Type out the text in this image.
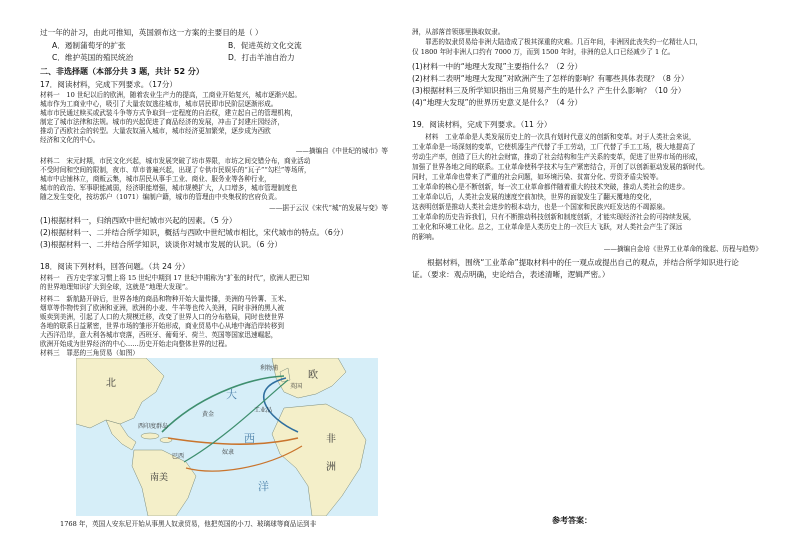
过一年的計习，由此可推知，英国颁布这一方案的主要目的是（ ）
A．遏制蒲萄牙的扩张	B．促进英纺文化交流
C．维护英国的殖民统治	D．打击羊油自治力
二、非选择题（本部分共 3 题，共计 52 分）
17．阅读材料，完成下列要求。（17分）
材料一　10 世纪以后的欧洲，随着农业生产力的提高，工商业开始复兴，城市逐渐兴起。
城市作为工商业中心，吸引了大量农奴逃往城市，城市居民即市民阶层逐渐形成。
城市市民通过赎买或武装斗争等方式争取到一定程度的自治权，建立起自己的管理机构，
制定了城市法律和法规。城市的兴起促进了商品经济的发展，冲击了封建庄园经济，
推动了西欧社会的转型。大量农奴涌入城市，城市经济更加繁荣，逐步成为西欧
经济和文化的中心。
——摘编自《中世纪的城市》等
材料二　宋元时期，市民文化兴起，城市发展突破了坊市界限，市坊之间交错分布，商业活动
不受时间和空间的限制，夜市、草市普遍兴起，出现了专供市民娱乐的“瓦子”“勾栏”等场所，
城市中店铺林立，商贩云集，城市居民从事手工业、商业、服务业等各种行业，
城市的政治、军事职能减弱，经济职能增强，城市规模扩大，人口增多，城市管理制度也
随之发生变化，按坊郭户（1071）编制户籍，城市的管理由中央集权的官府负责。
——据于云汉《宋代“城”的发展与变》等
(1)根据材料一，归纳西欧中世纪城市兴起的因素。（5 分）
(2)根据材料一、二并结合所学知识，概括与西欧中世纪城市相比，宋代城市的特点。（6分）
(3)根据材料一、二并结合所学知识，谈谈你对城市发展的认识。（6 分）
18．阅读下列材料，回答问题。（共 24 分）
材料一　西方史学家习惯上将 15 世纪中期到 17 世纪中期称为“扩张的时代”，欧洲人把已知
的世界地理知识扩大到全球，这就是“地理大发现”。
材料二　新航路开辟后，世界各地的商品和物种开始大量传播，美洲的马铃薯、玉米、
烟草等作物传到了欧洲和亚洲，欧洲的小麦、牛羊等也传入美洲，同时非洲的黑人被
贩卖到美洲，引起了人口的大规模迁移，改变了世界人口的分布格局，同时也使世界
各地的联系日益紧密，世界市场的雏形开始形成，商业贸易中心从地中海沿岸转移到
大西洋沿岸，意大利各城市衰落，西班牙、葡萄牙、荷兰、英国等国家迅速崛起，
欧洲开始成为世界经济的中心……历史开始走向整体世界的过程。
材料三　罪恶的三角贸易（如图）
1768 年，英国人安东尼开始从事黑人奴隶贸易，他把英国的小刀、玻璃球等商品运到非
北
欧
非
洲
南美
大
西
洋
英国
利物浦
西印度群岛
奴隶
工业品
巴西
黄金
洲，从部落首领那里换取奴隶。
　　罪恶的奴隶贸易给非洲大陆造成了极其深重的灾难。几百年间，非洲因此丧失约一亿精壮人口，
仅 1800 年时非洲人口约有 7000 万，而到 1500 年时，非洲的总人口已经减少了 1 亿。
(1)材料一中的“地理大发现”主要指什么？（2 分）
(2)材料二表明“地理大发现”对欧洲产生了怎样的影响？有哪些具体表现？（8 分）
(3)根据材料三及所学知识指出三角贸易产生的是什么？产生什么影响？（10 分）
(4)“地理大发现”的世界历史意义是什么？（4 分）
19．阅读材料，完成下列要求。（11 分）
　　材料　工业革命是人类发展历史上的一次具有划时代意义的创新和变革。对于人类社会来说，
工业革命是一场深刻的变革，它使机器生产代替了手工劳动，工厂代替了手工工场，极大地提高了
劳动生产率，创造了巨大的社会财富，推动了社会结构和生产关系的变革，促进了世界市场的形成，
加强了世界各地之间的联系。工业革命使科学技术与生产紧密结合，开创了以创新驱动发展的新时代。
同时，工业革命也带来了严重的社会问题，如环境污染、贫富分化、劳资矛盾尖锐等。
工业革命的核心是不断创新，每一次工业革命都伴随着重大的技术突破，推动人类社会的进步。
工业革命以后，人类社会发展的速度空前加快，世界的面貌发生了翻天覆地的变化，
这表明创新是推动人类社会进步的根本动力，也是一个国家和民族兴旺发达的不竭源泉。
工业革命的历史告诉我们，只有不断推动科技创新和制度创新，才能实现经济社会的可持续发展，
工业化和环境工业化。总之，工业革命是人类历史上的一次巨大飞跃，对人类社会产生了深远
的影响。
——摘编自金培《世界工业革命的缘起、历程与趋势》
　　根据材料，围绕“工业革命”提取材料中的任一观点或提出自己的观点，并结合所学知识进行论
证。（要求：观点明确，史论结合，表述清晰，逻辑严密。）
参考答案：
